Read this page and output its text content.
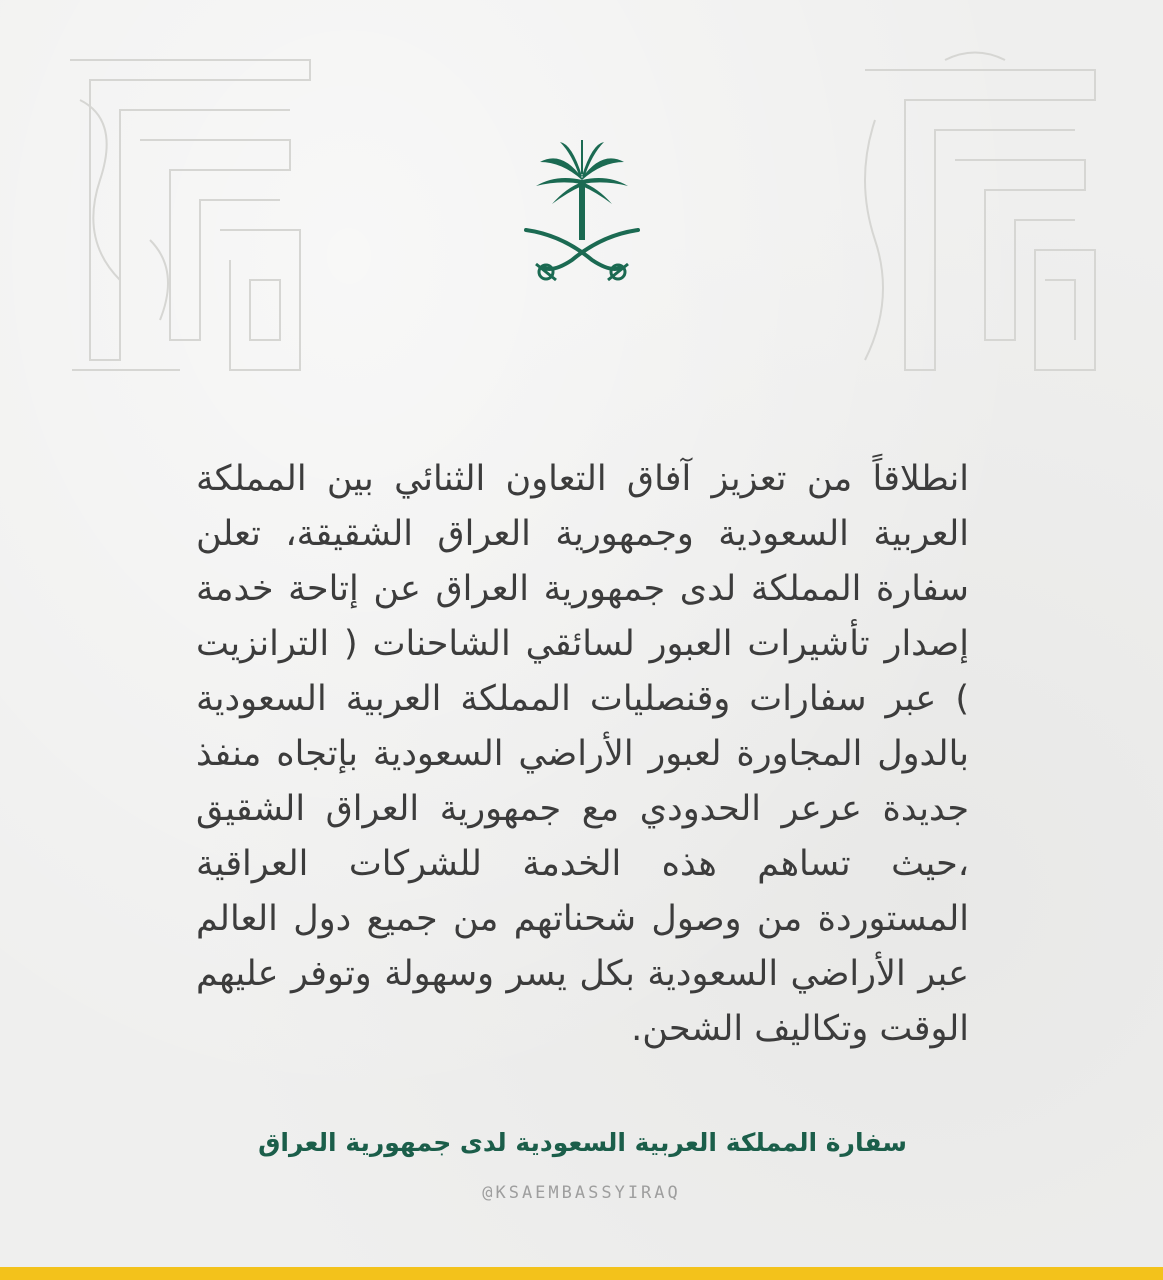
انطلاقاً من تعزيز آفاق التعاون الثنائي بين المملكة العربية السعودية وجمهورية العراق الشقيقة، تعلن سفارة المملكة لدى جمهورية العراق عن إتاحة خدمة إصدار تأشيرات العبور لسائقي الشاحنات ( الترانزيت ) عبر سفارات وقنصليات المملكة العربية السعودية بالدول المجاورة لعبور الأراضي السعودية بإتجاه منفذ جديدة عرعر الحدودي مع جمهورية العراق الشقيق ،حيث تساهم هذه الخدمة للشركات العراقية المستوردة من وصول شحناتهم من جميع دول العالم عبر الأراضي السعودية بكل يسر وسهولة وتوفر عليهم الوقت وتكاليف الشحن.

سفارة المملكة العربية السعودية لدى جمهورية العراق

@KSAEMBASSYIRAQ
